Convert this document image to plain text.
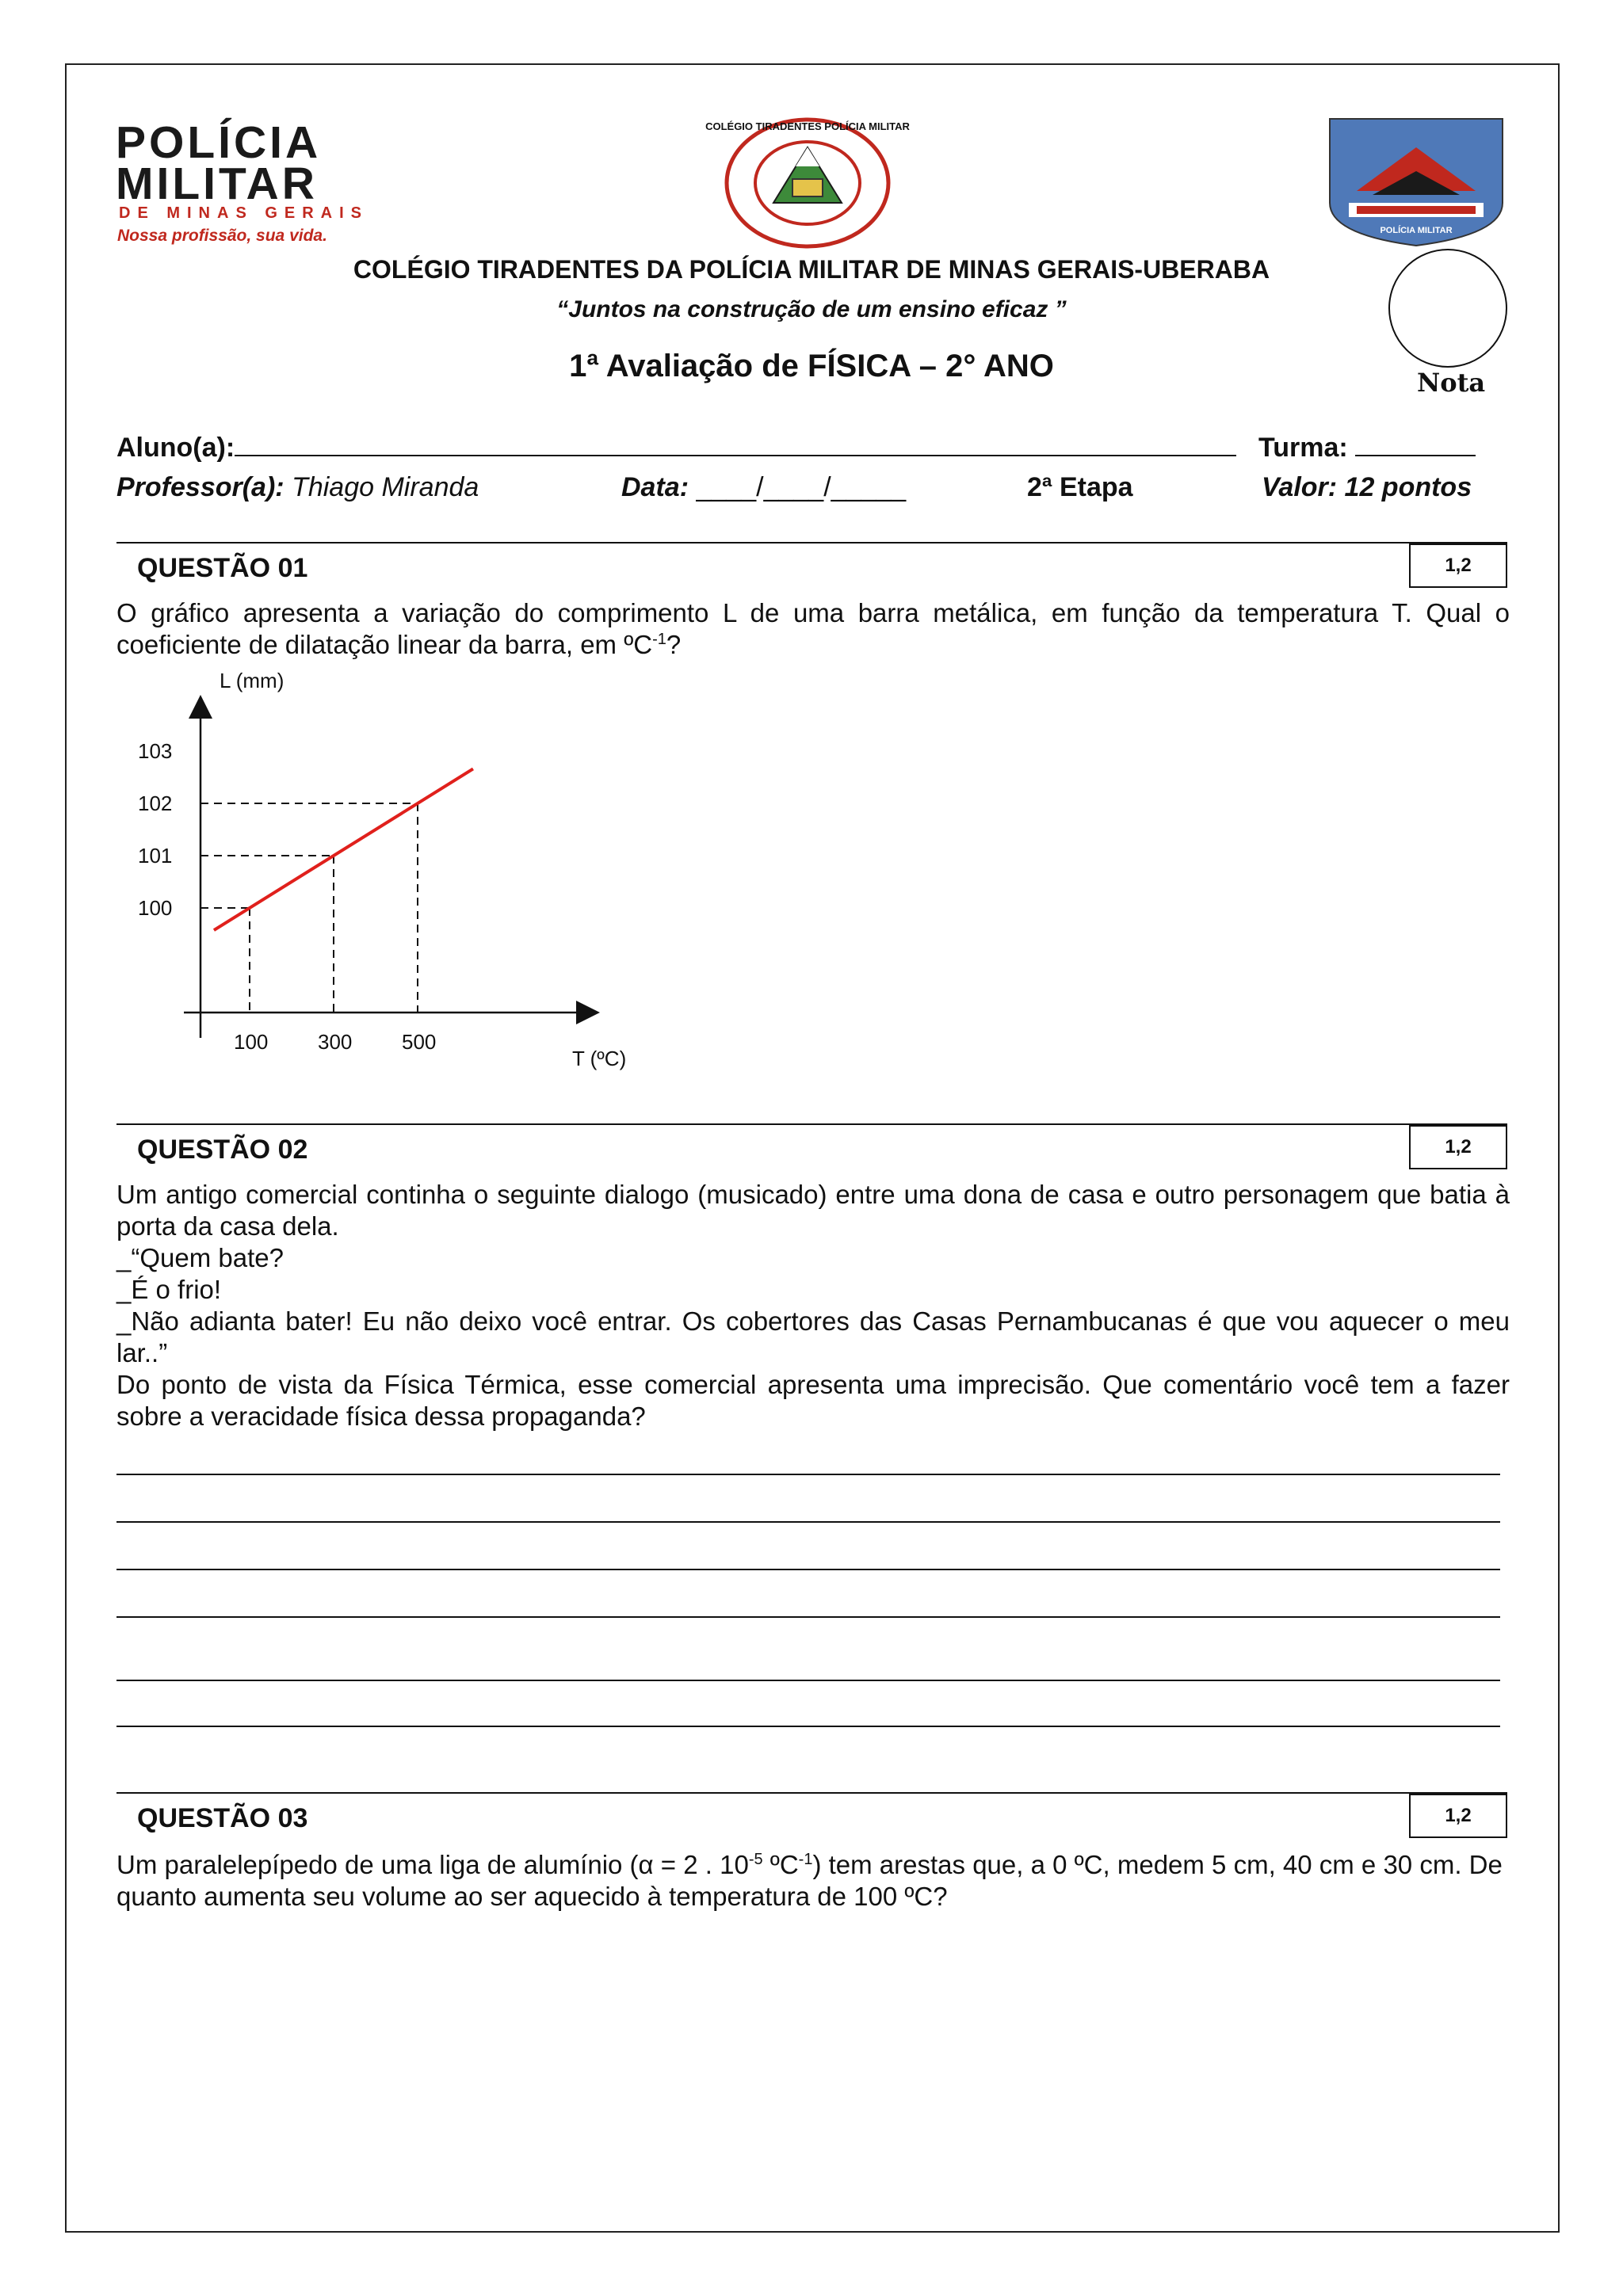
POLÍCIA
MILITAR
DE MINAS GERAIS
Nossa profissão, sua vida.
COLÉGIO TIRADENTES POLÍCIA MILITAR
POLÍCIA MILITAR
Nota
COLÉGIO TIRADENTES DA POLÍCIA MILITAR DE MINAS GERAIS-UBERABA
“Juntos na construção de um ensino eficaz ”
1ª Avaliação de FÍSICA – 2° ANO
Aluno(a):	Turma:
Professor(a): Thiago Miranda	Data: ____/____/_____	2ª Etapa	Valor: 12 pontos
QUESTÃO 01	1,2
O gráfico apresenta a variação do comprimento L de uma barra metálica, em função da temperatura T. Qual o coeficiente de dilatação linear da barra, em ºC$^{-1}$?
L (mm)
T (ºC)
100 300 500
100
101
102
103
QUESTÃO 02	1,2

Um antigo comercial continha o seguinte dialogo (musicado) entre uma dona de casa e outro personagem que batia à porta da casa dela.

_“Quem bate?

_É o frio!

_Não adianta bater! Eu não deixo você entrar. Os cobertores das Casas Pernambucanas é que vou aquecer o meu lar..”

Do ponto de vista da Física Térmica, esse comercial apresenta uma imprecisão. Que comentário você tem a fazer sobre a veracidade física dessa propaganda?

QUESTÃO 03	1,2
Um paralelepípedo de uma liga de alumínio (α = 2 . $10^{-5}$ ºC$^{-1}$) tem arestas que, a 0 ºC, medem 5 cm, 40 cm e 30 cm. De quanto aumenta seu volume ao ser aquecido à temperatura de 100 ºC?
